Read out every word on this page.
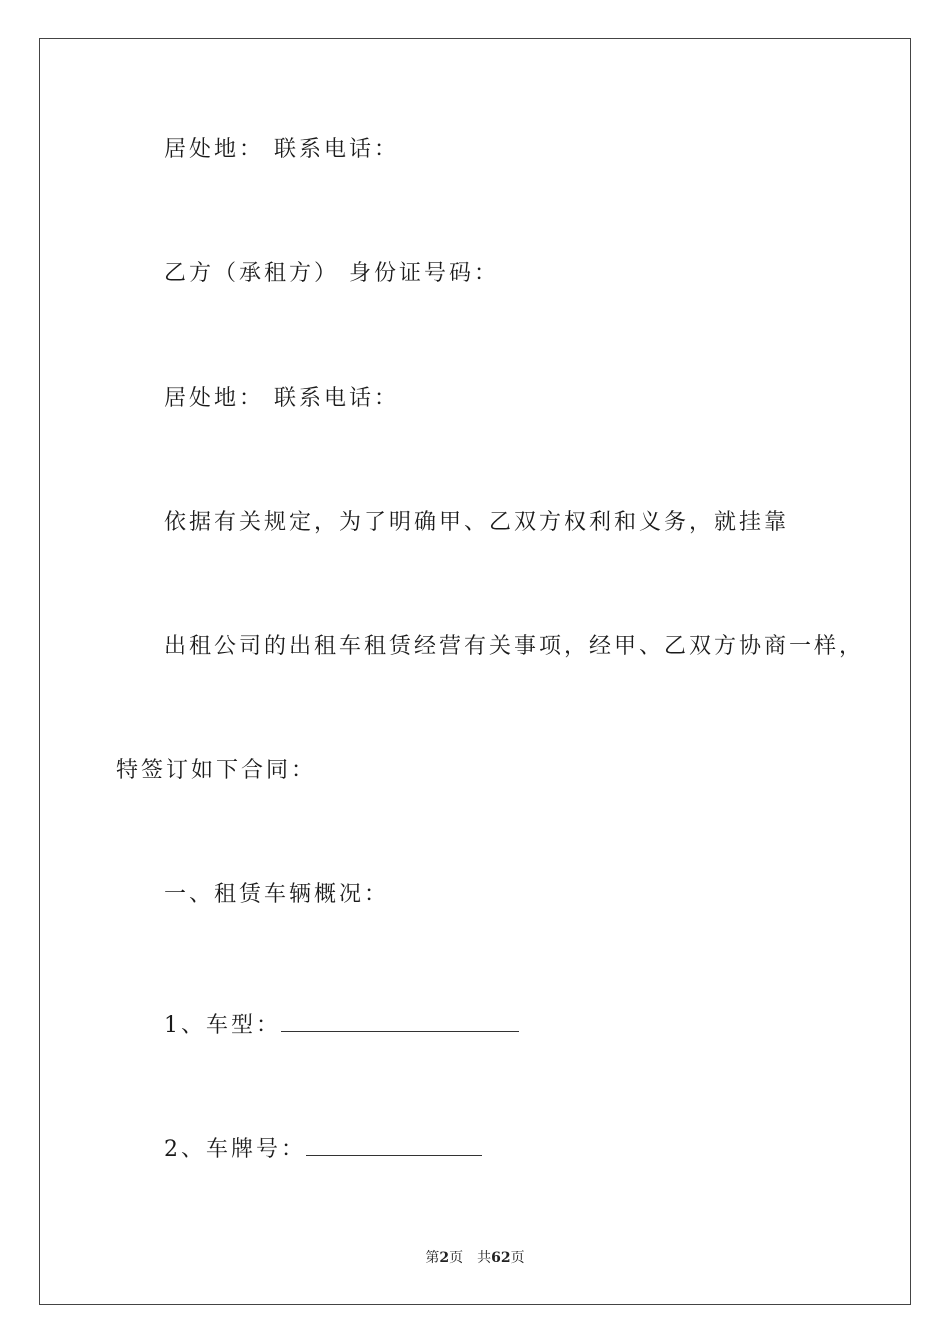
居处地： 联系电话：
乙方（承租方） 身份证号码：
居处地： 联系电话：
依据有关规定，为了明确甲、乙双方权利和义务，就挂靠
出租公司的出租车租赁经营有关事项，经甲、乙双方协商一样，
特签订如下合同：
一、租赁车辆概况：
1、车型：
2、车牌号：
第2页 共62页
